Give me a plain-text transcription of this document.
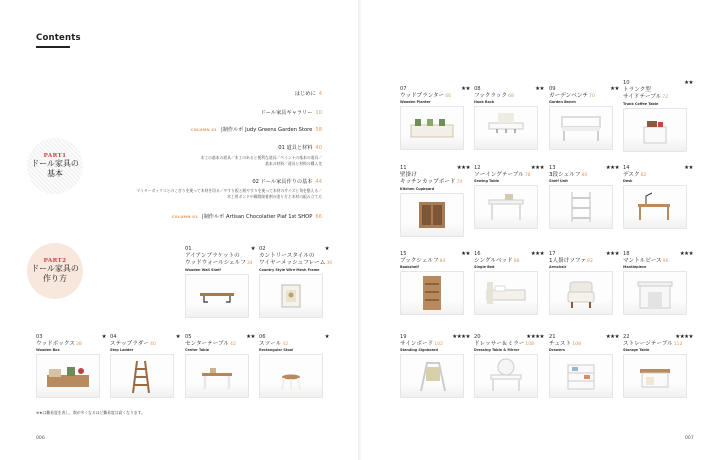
Contents
はじめに 4
ドール家具ギャラリー 10
COLUMN 01 |制作ルポ Judy Greens Garden Store 58
PART1
ドール家具の
基本
01 道具と材料 40
木工の基本の道具／木工のあると便利な道具／ペイントの基本の道具／
基本の材料／道具と材料の購入先
02 ドール家具作りの基本 44
マイターボックスとのこぎりを使って木材を切る／やすり板と紙やすりを使って木材のサイズと角を整える／
木工用ボンドや瞬間接着剤の塗り方と木材の組み立て方
COLUMN 02 |制作ルポ Artisan Chocolatier Piaf 1st SHOP 66
PART2
ドール家具の
作り方
01	★
アイアンブラケットの
ウッドウォールシェルフ34
Wooden Wall Shelf
02	★
カントリースタイルの
ワイヤーメッシュフレーム36
Country Style Wire Mesh Frame
03	★
ウッドボックス38
Wooden Box
04	★
ステップラダー40
Step Ladder
05	★★
センターテーブル42
Center Table
06	★
スツール42
Rectangular Stool
※★は難易度を表し、数が多くなるほど難易度は高くなります。
006
07	★★
ウッドプランター66
Wooden Planter
08	★★
フックラック68
Hook Rack
09	★★
ガーデンベンチ70
Garden Bench
10	★★
トランク型
サイドテーブル72
Trunk Coffee Table
11	★★★
壁掛け
キッチンカップボード74
Kitchen Cupboard
12	★★★
ソーイングテーブル78
Sewing Table
13	★★★
3段シェルフ80
Shelf Unit
14	★★
デスク82
Desk
15	★★
ブックシェルフ84
Bookshelf
16	★★★
シングルベッド88
Single Bed
17	★★★
1人掛けソファ92
Armchair
18	★★★
マントルピース96
Mantlepiece
19	★★★★
サインボード102
Standing Signboard
20	★★★★
ドレッサー＆ミラー108
Dressing Table & Mirror
21	★★★
チェスト108
Drawers
22	★★★★
ストレージテーブル112
Storage Table
007
